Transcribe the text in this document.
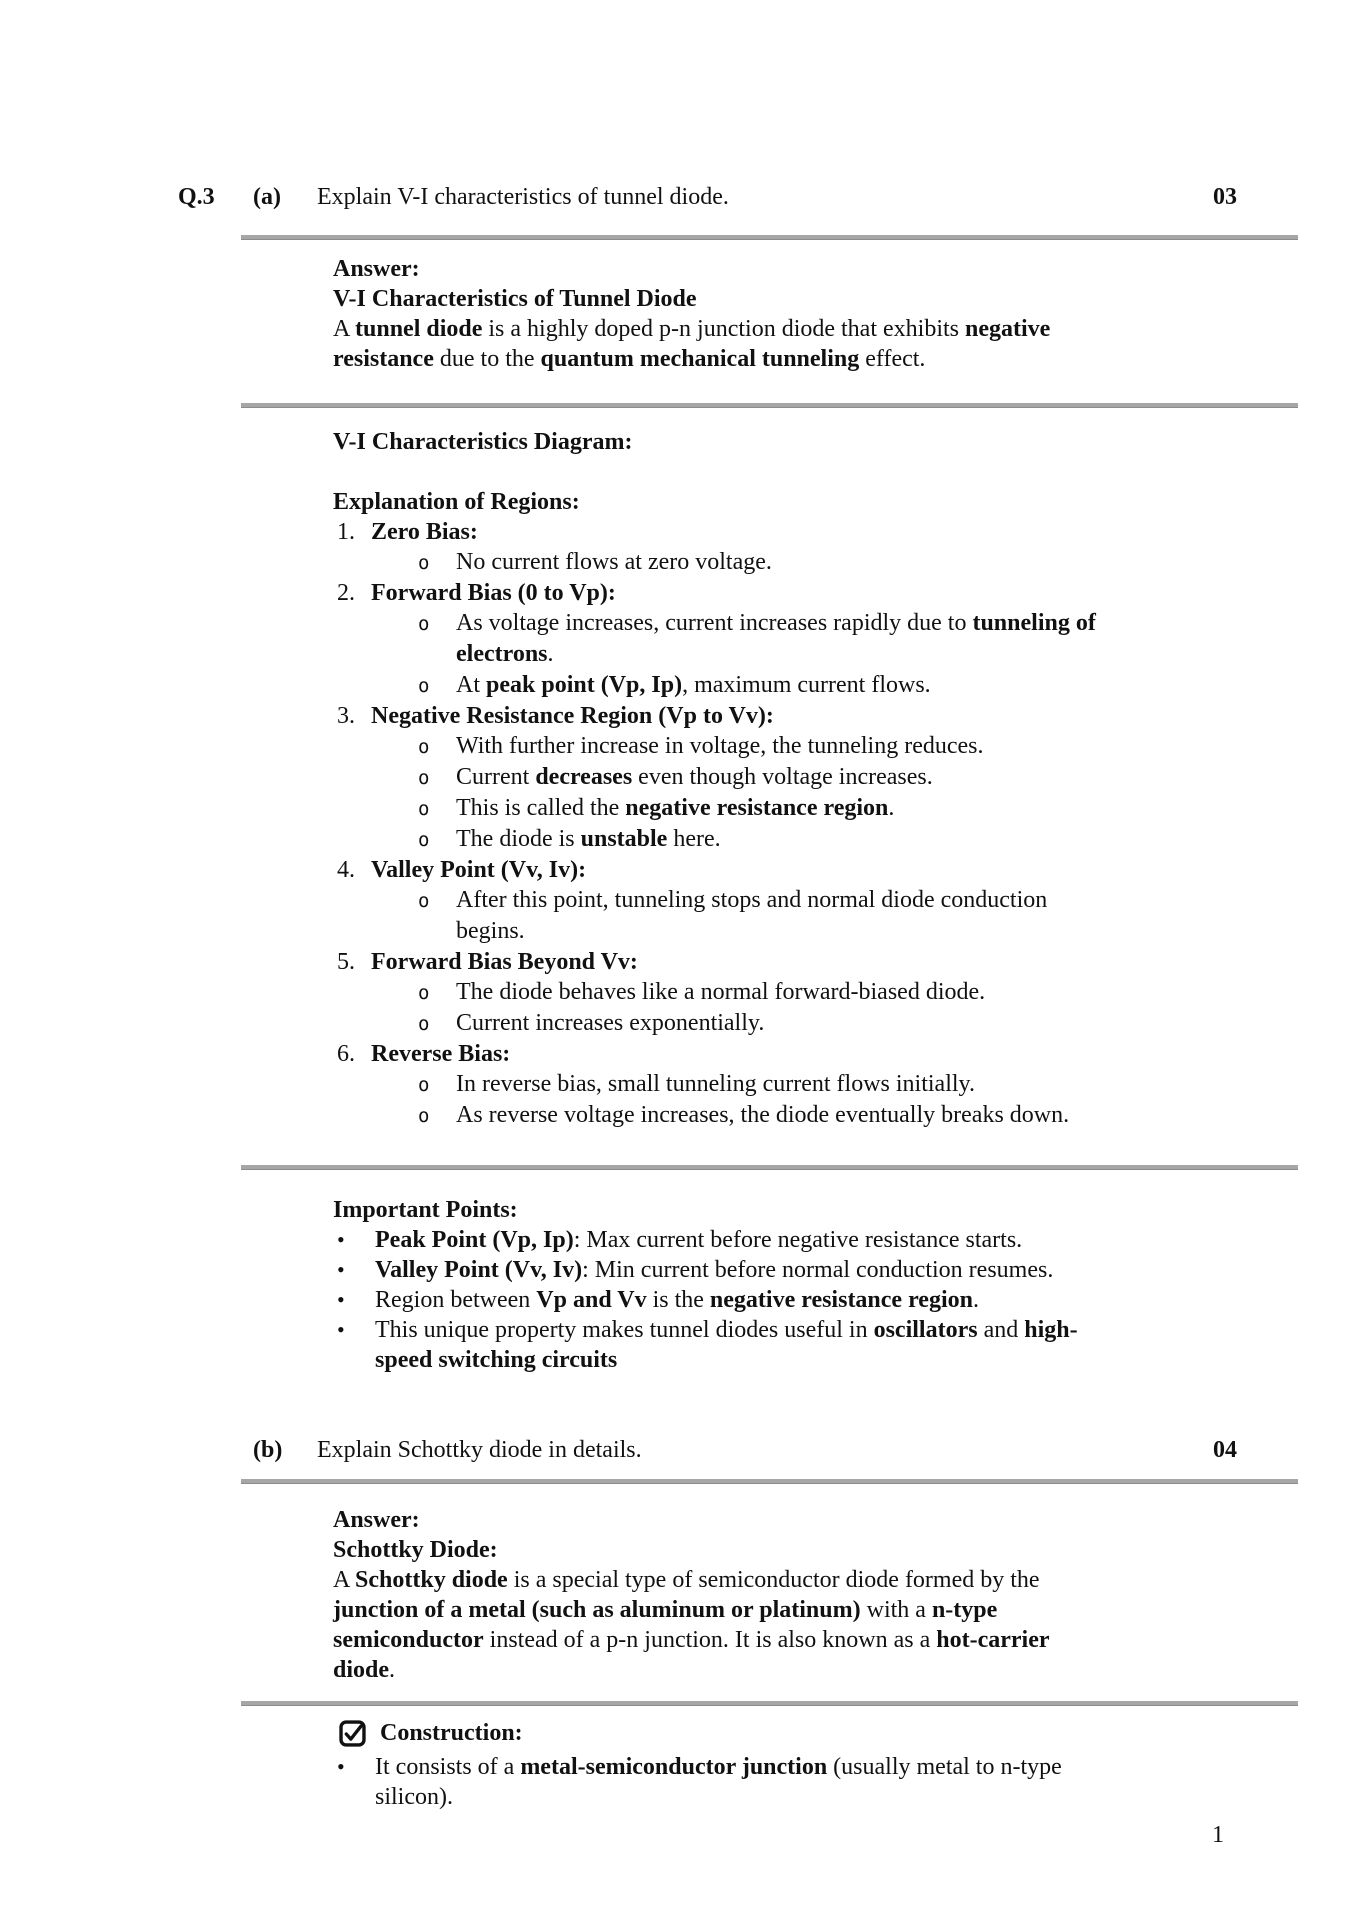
Q.3	(a)	Explain V-I characteristics of tunnel diode.	03
Answer:
V-I Characteristics of Tunnel Diode
A tunnel diode is a highly doped p-n junction diode that exhibits negative
resistance due to the quantum mechanical tunneling effect.
V-I Characteristics Diagram:
Explanation of Regions:
1. Zero Bias:
o No current flows at zero voltage.
2. Forward Bias (0 to Vp):
o As voltage increases, current increases rapidly due to tunneling of
electrons.
o At peak point (Vp, Ip), maximum current flows.
3. Negative Resistance Region (Vp to Vv):
o With further increase in voltage, the tunneling reduces.
o Current decreases even though voltage increases.
o This is called the negative resistance region.
o The diode is unstable here.
4. Valley Point (Vv, Iv):
o After this point, tunneling stops and normal diode conduction
begins.
5. Forward Bias Beyond Vv:
o The diode behaves like a normal forward-biased diode.
o Current increases exponentially.
6. Reverse Bias:
o In reverse bias, small tunneling current flows initially.
o As reverse voltage increases, the diode eventually breaks down.
Important Points:
• Peak Point (Vp, Ip): Max current before negative resistance starts.
• Valley Point (Vv, Iv): Min current before normal conduction resumes.
• Region between Vp and Vv is the negative resistance region.
• This unique property makes tunnel diodes useful in oscillators and high-
speed switching circuits
(b)	Explain Schottky diode in details.	04
Answer:
Schottky Diode:
A Schottky diode is a special type of semiconductor diode formed by the
junction of a metal (such as aluminum or platinum) with a n-type
semiconductor instead of a p-n junction. It is also known as a hot-carrier
diode.
Construction:
• It consists of a metal-semiconductor junction (usually metal to n-type
silicon).
1
